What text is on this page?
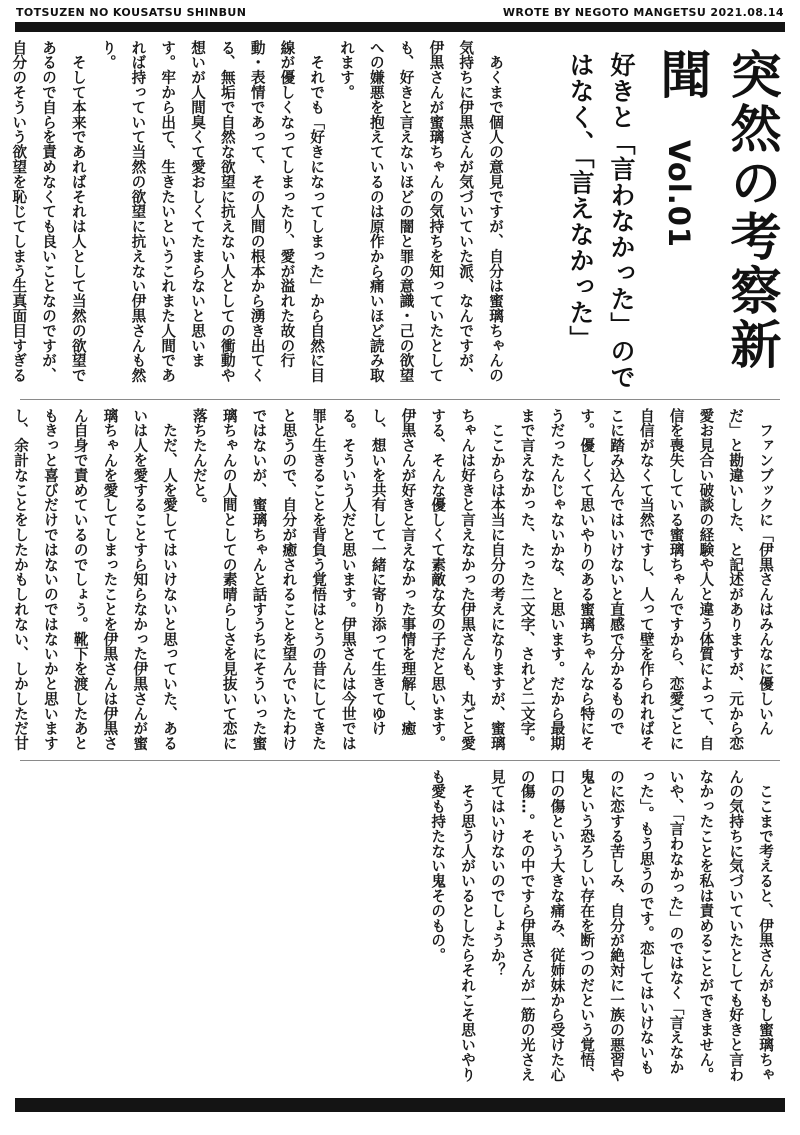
TOTSUZEN NO KOUSATSU SHINBUN	WROTE BY NEGOTO MANGETSU 2021.08.14
突然の考察新聞
Vol.01
好きと「言わなかった」のではなく、「言えなかった」

　あくまで個人の意見ですが、自分は蜜璃ちゃんの気持ちに伊黒さんが気づいていた派、なんですが、伊黒さんが蜜璃ちゃんの気持ちを知っていたとしても、好きと言えないほどの闇と罪の意識・己の欲望への嫌悪を抱えているのは原作から痛いほど読み取れます。

　それでも「好きになってしまった」から自然に目線が優しくなってしまったり、愛が溢れた故の行動・表情であって、その人間の根本から湧き出てくる、無垢で自然な欲望に抗えない人としての衝動や想いが人間臭くて愛おしくてたまらないと思います。牢から出て、生きたいというこれまた人間であれば持っていて当然の欲望に抗えない伊黒さんも然り。

　そして本来であればそれは人として当然の欲望であるので自らを責めなくても良いことなのですが、自分のそういう欲望を恥じてしまう生真面目すぎる

　ファンブックに「伊黒さんはみんなに優しいんだ」と勘違いした、と記述がありますが、元から恋愛お見合い破談の経験や人と違う体質によって、自信を喪失している蜜璃ちゃんですから、恋愛ごとに自信がなくて当然ですし、人って壁を作られればそこに踏み込んではいけないと直感で分かるものです。優しくて思いやりのある蜜璃ちゃんなら特にそうだったんじゃないかな、と思います。だから最期まで言えなかった、たった二文字、されど二文字。

　ここからは本当に自分の考えになりますが、蜜璃ちゃんは好きと言えなかった伊黒さんも、丸ごと愛する、そんな優しくて素敵な女の子だと思います。伊黒さんが好きと言えなかった事情を理解し、癒し、想いを共有して一緒に寄り添って生きてゆける。そういう人だと思います。伊黒さんは今世では罪と生きることを背負う覚悟はとうの昔にしてきたと思うので、自分が癒されることを望んでいたわけではないが、蜜璃ちゃんと話すうちにそういった蜜璃ちゃんの人間としての素晴らしさを見抜いて恋に落ちたんだと。

　ただ、人を愛してはいけないと思っていた、あるいは人を愛することすら知らなかった伊黒さんが蜜璃ちゃんを愛してしまったことを伊黒さんは伊黒さん自身で責めているのでしょう。靴下を渡したあともきっと喜びだけではないのではないかと思いますし、余計なことをしたかもしれない、しかしただ甘

　ここまで考えると、伊黒さんがもし蜜璃ちゃんの気持ちに気づいていたとしても好きと言わなかったことを私は責めることができません。いや、「言わなかった」のではなく「言えなかった」。もう思うのです。恋してはいけないものに恋する苦しみ、自分が絶対に一族の悪習や鬼という恐ろしい存在を断つのだという覚悟、口の傷という大きな痛み、従姉妹から受けた心の傷…。その中ですら伊黒さんが一筋の光さえ見てはいけないのでしょうか？

　そう思う人がいるとしたらそれこそ思いやりも愛も持たない鬼そのもの。
